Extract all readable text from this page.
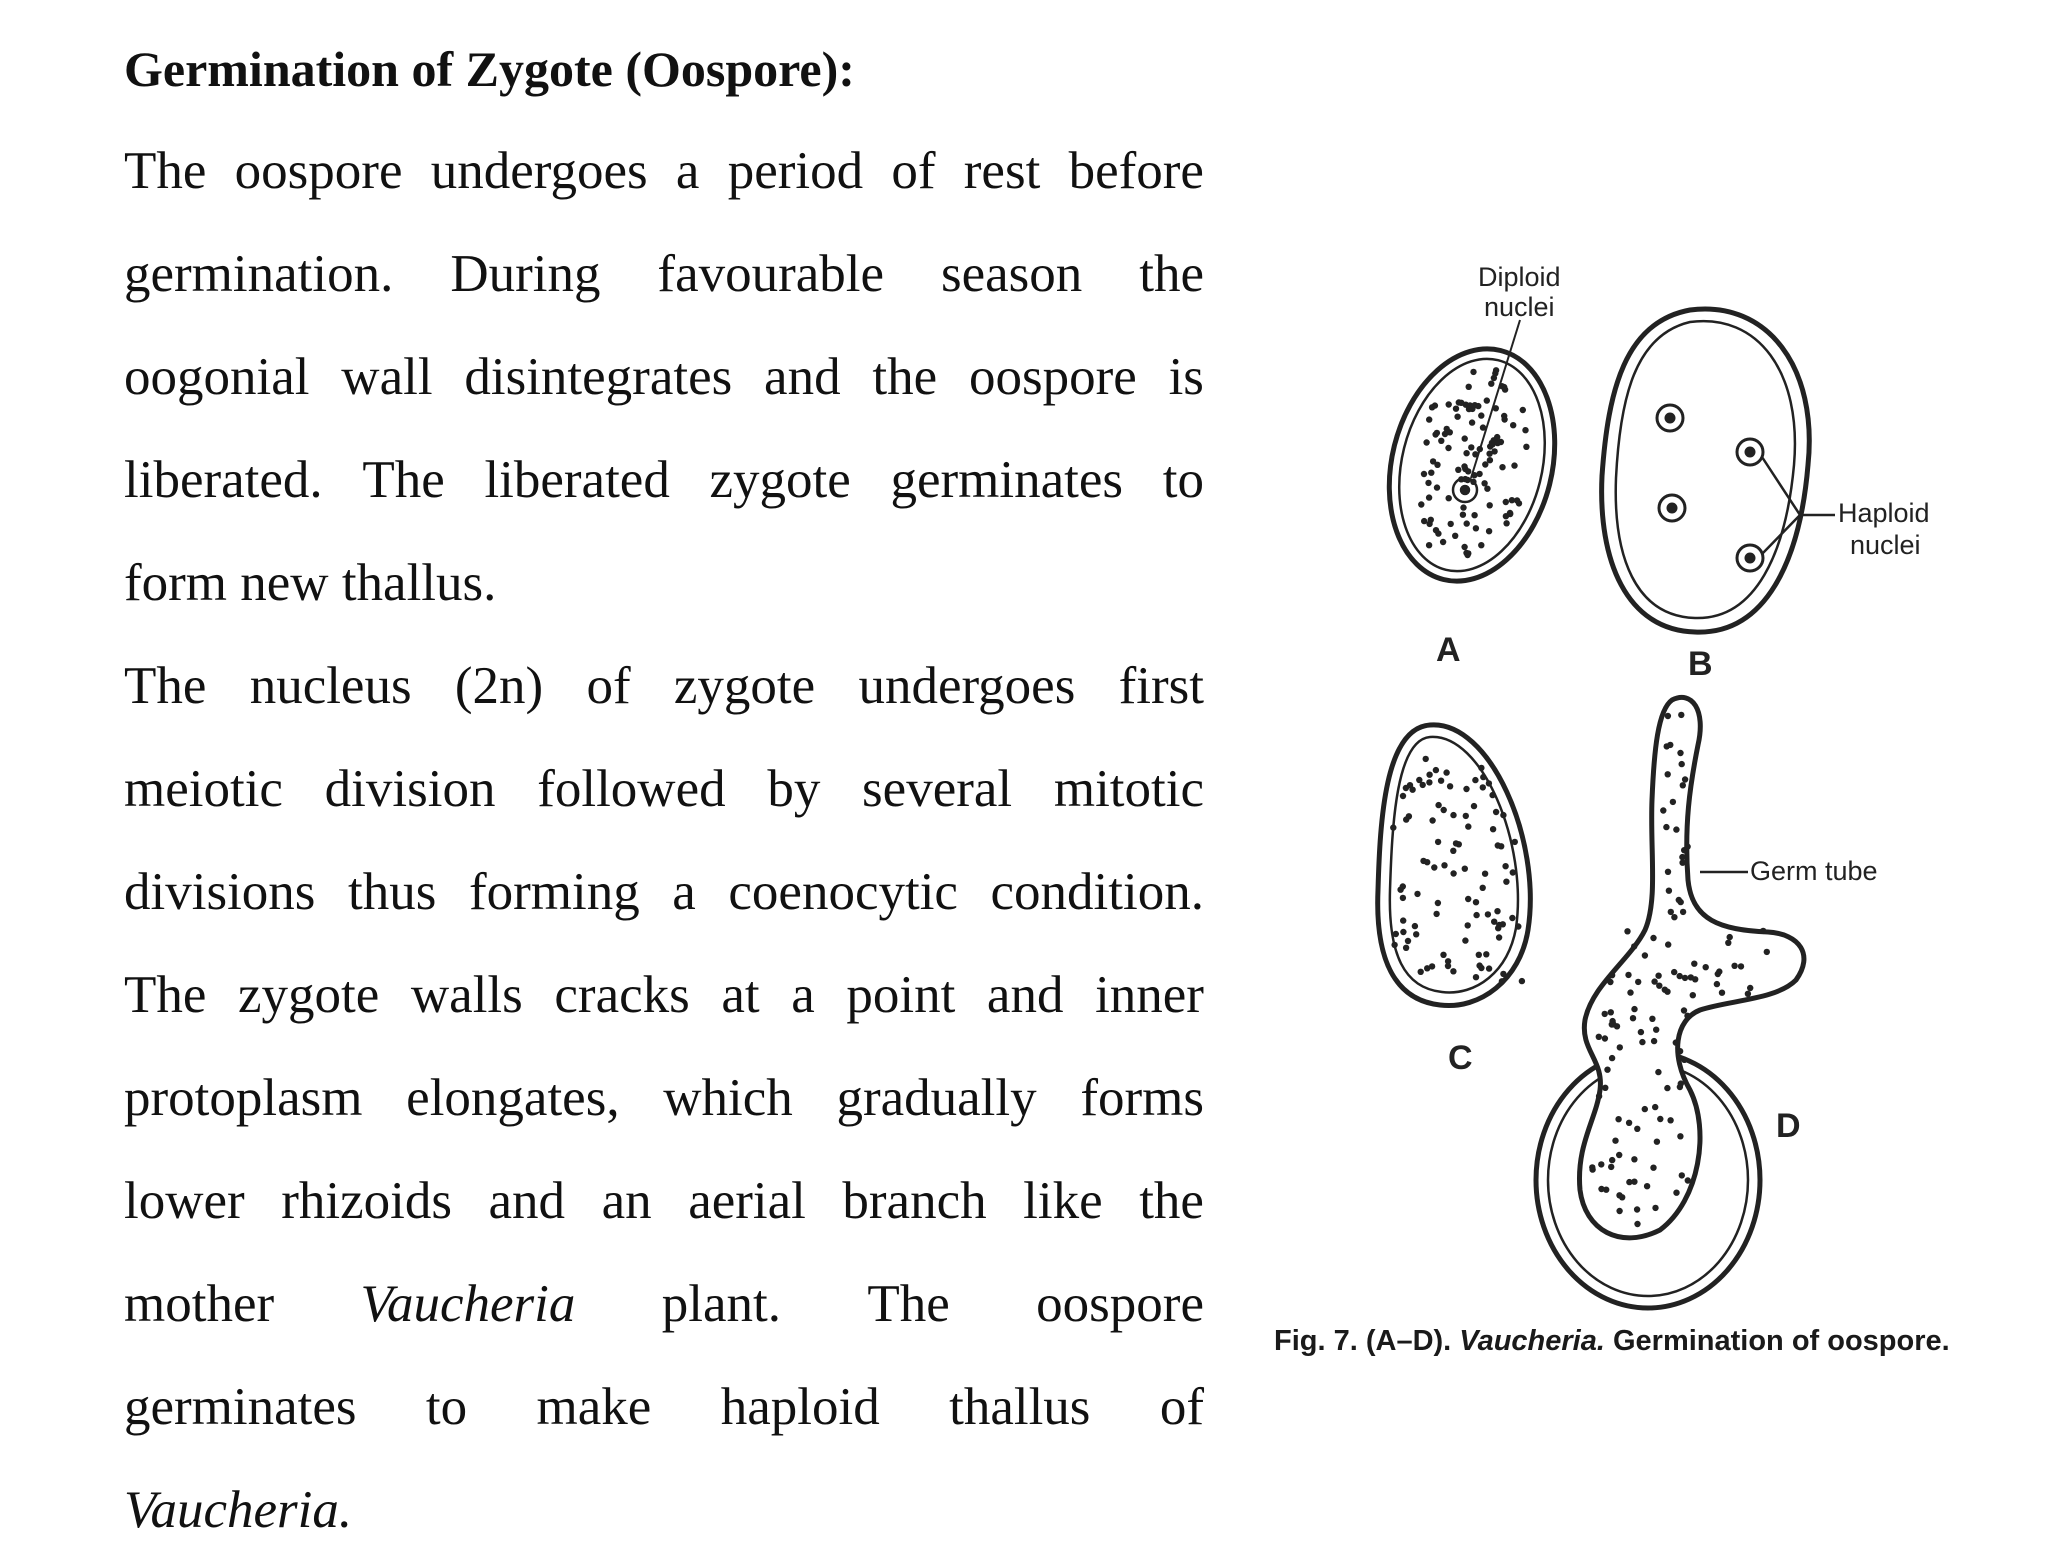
Germination of Zygote (Oospore):
The oospore undergoes a period of rest before
germination. During favourable season the
oogonial wall disintegrates and the oospore is
liberated. The liberated zygote germinates to
form new thallus.
The nucleus (2n) of zygote undergoes first
meiotic division followed by several mitotic
divisions thus forming a coenocytic condition.
The zygote walls cracks at a point and inner
protoplasm elongates, which gradually forms
lower rhizoids and an aerial branch like the
mother Vaucheria plant. The oospore
germinates to make haploid thallus of
Vaucheria.
Diploid
nuclei
Haploid
nuclei
Germ tube
A	B
C
D
Fig. 7. (A–D). Vaucheria. Germination of oospore.
